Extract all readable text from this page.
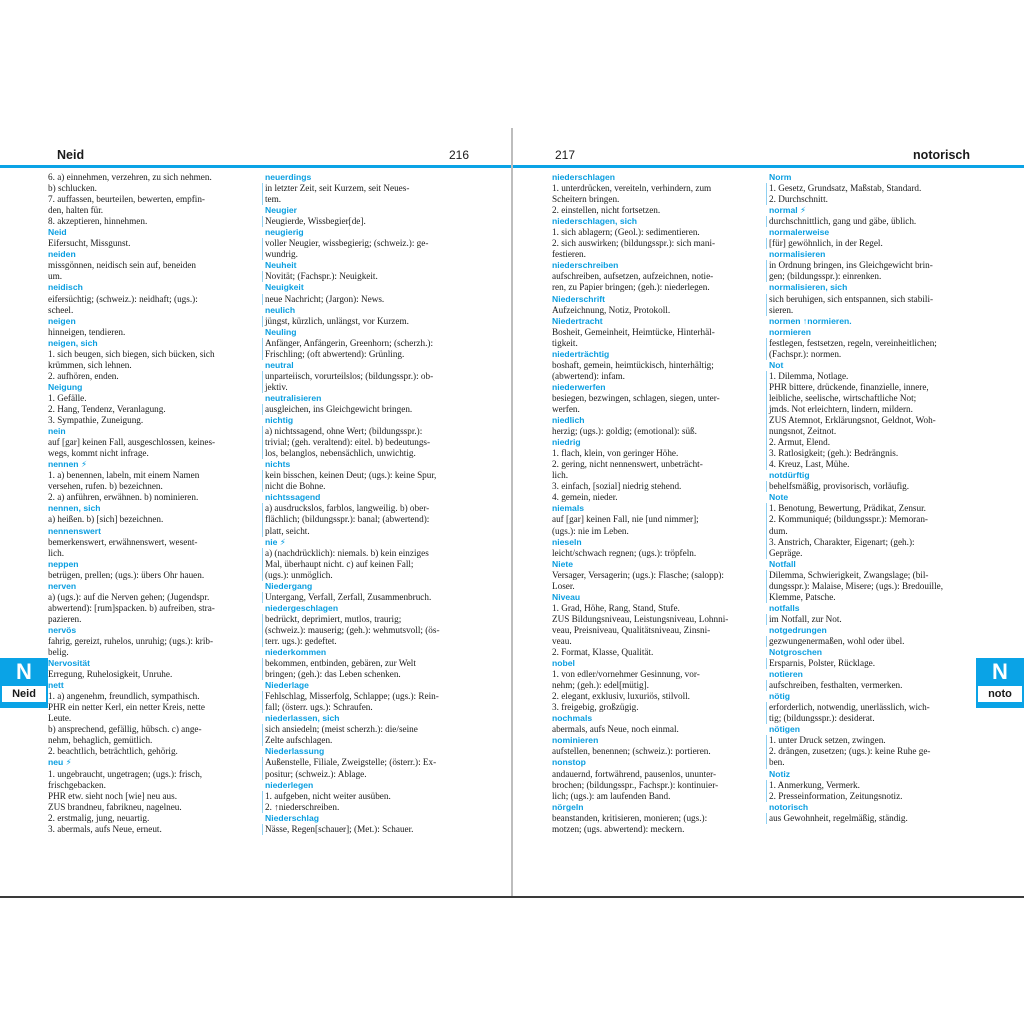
Neid	216
6. a) einnehmen, verzehren, zu sich nehmen.
b) schlucken.
7. auffassen, beurteilen, bewerten, empfin-
den, halten für.
8. akzeptieren, hinnehmen.
Neid
Eifersucht, Missgunst.
neiden
missgönnen, neidisch sein auf, beneiden
um.
neidisch
eifersüchtig; (schweiz.): neidhaft; (ugs.):
scheel.
neigen
hinneigen, tendieren.
neigen, sich
1. sich beugen, sich biegen, sich bücken, sich
krümmen, sich lehnen.
2. aufhören, enden.
Neigung
1. Gefälle.
2. Hang, Tendenz, Veranlagung.
3. Sympathie, Zuneigung.
nein
auf [gar] keinen Fall, ausgeschlossen, keines-
wegs, kommt nicht infrage.
nennen ⚡
1. a) benennen, labeln, mit einem Namen
versehen, rufen. b) bezeichnen.
2. a) anführen, erwähnen. b) nominieren.
nennen, sich
a) heißen. b) [sich] bezeichnen.
nennenswert
bemerkenswert, erwähnenswert, wesent-
lich.
neppen
betrügen, prellen; (ugs.): übers Ohr hauen.
nerven
a) (ugs.): auf die Nerven gehen; (Jugendspr.
abwertend): [rum]spacken. b) aufreiben, stra-
pazieren.
nervös
fahrig, gereizt, ruhelos, unruhig; (ugs.): krib-
belig.
Nervosität
Erregung, Ruhelosigkeit, Unruhe.
nett
1. a) angenehm, freundlich, sympathisch.
PHR ein netter Kerl, ein netter Kreis, nette
Leute.
b) ansprechend, gefällig, hübsch. c) ange-
nehm, behaglich, gemütlich.
2. beachtlich, beträchtlich, gehörig.
neu ⚡
1. ungebraucht, ungetragen; (ugs.): frisch,
frischgebacken.
PHR etw. sieht noch [wie] neu aus.
ZUS brandneu, fabrikneu, nagelneu.
2. erstmalig, jung, neuartig.
3. abermals, aufs Neue, erneut.
neuerdings
in letzter Zeit, seit Kurzem, seit Neues-
tem.
Neugier
Neugierde, Wissbegier[de].
neugierig
voller Neugier, wissbegierig; (schweiz.): ge-
wundrig.
Neuheit
Novität; (Fachspr.): Neuigkeit.
Neuigkeit
neue Nachricht; (Jargon): News.
neulich
jüngst, kürzlich, unlängst, vor Kurzem.
Neuling
Anfänger, Anfängerin, Greenhorn; (scherzh.):
Frischling; (oft abwertend): Grünling.
neutral
unparteiisch, vorurteilslos; (bildungsspr.): ob-
jektiv.
neutralisieren
ausgleichen, ins Gleichgewicht bringen.
nichtig
a) nichtssagend, ohne Wert; (bildungsspr.):
trivial; (geh. veraltend): eitel. b) bedeutungs-
los, belanglos, nebensächlich, unwichtig.
nichts
kein bisschen, keinen Deut; (ugs.): keine Spur,
nicht die Bohne.
nichtssagend
a) ausdruckslos, farblos, langweilig. b) ober-
flächlich; (bildungsspr.): banal; (abwertend):
platt, seicht.
nie ⚡
a) (nachdrücklich): niemals. b) kein einziges
Mal, überhaupt nicht. c) auf keinen Fall;
(ugs.): unmöglich.
Niedergang
Untergang, Verfall, Zerfall, Zusammenbruch.
niedergeschlagen
bedrückt, deprimiert, mutlos, traurig;
(schweiz.): mauserig; (geh.): wehmutsvoll; (ös-
terr. ugs.): gedeftet.
niederkommen
bekommen, entbinden, gebären, zur Welt
bringen; (geh.): das Leben schenken.
Niederlage
Fehlschlag, Misserfolg, Schlappe; (ugs.): Rein-
fall; (österr. ugs.): Schraufen.
niederlassen, sich
sich ansiedeln; (meist scherzh.): die/seine
Zelte aufschlagen.
Niederlassung
Außenstelle, Filiale, Zweigstelle; (österr.): Ex-
positur; (schweiz.): Ablage.
niederlegen
1. aufgeben, nicht weiter ausüben.
2. ↑niederschreiben.
Niederschlag
Nässe, Regen[schauer]; (Met.): Schauer.
N
Neid
217	notorisch
niederschlagen
1. unterdrücken, vereiteln, verhindern, zum
Scheitern bringen.
2. einstellen, nicht fortsetzen.
niederschlagen, sich
1. sich ablagern; (Geol.): sedimentieren.
2. sich auswirken; (bildungsspr.): sich mani-
festieren.
niederschreiben
aufschreiben, aufsetzen, aufzeichnen, notie-
ren, zu Papier bringen; (geh.): niederlegen.
Niederschrift
Aufzeichnung, Notiz, Protokoll.
Niedertracht
Bosheit, Gemeinheit, Heimtücke, Hinterhäl-
tigkeit.
niederträchtig
boshaft, gemein, heimtückisch, hinterhältig;
(abwertend): infam.
niederwerfen
besiegen, bezwingen, schlagen, siegen, unter-
werfen.
niedlich
herzig; (ugs.): goldig; (emotional): süß.
niedrig
1. flach, klein, von geringer Höhe.
2. gering, nicht nennenswert, unbeträcht-
lich.
3. einfach, [sozial] niedrig stehend.
4. gemein, nieder.
niemals
auf [gar] keinen Fall, nie [und nimmer];
(ugs.): nie im Leben.
nieseln
leicht/schwach regnen; (ugs.): tröpfeln.
Niete
Versager, Versagerin; (ugs.): Flasche; (salopp):
Loser.
Niveau
1. Grad, Höhe, Rang, Stand, Stufe.
ZUS Bildungsniveau, Leistungsniveau, Lohnni-
veau, Preisniveau, Qualitätsniveau, Zinsni-
veau.
2. Format, Klasse, Qualität.
nobel
1. von edler/vornehmer Gesinnung, vor-
nehm; (geh.): edel[mütig].
2. elegant, exklusiv, luxuriös, stilvoll.
3. freigebig, großzügig.
nochmals
abermals, aufs Neue, noch einmal.
nominieren
aufstellen, benennen; (schweiz.): portieren.
nonstop
andauernd, fortwährend, pausenlos, ununter-
brochen; (bildungsspr., Fachspr.): kontinuier-
lich; (ugs.): am laufenden Band.
nörgeln
beanstanden, kritisieren, monieren; (ugs.):
motzen; (ugs. abwertend): meckern.
Norm
1. Gesetz, Grundsatz, Maßstab, Standard.
2. Durchschnitt.
normal ⚡
durchschnittlich, gang und gäbe, üblich.
normalerweise
[für] gewöhnlich, in der Regel.
normalisieren
in Ordnung bringen, ins Gleichgewicht brin-
gen; (bildungsspr.): einrenken.
normalisieren, sich
sich beruhigen, sich entspannen, sich stabili-
sieren.
normen ↑normieren.
normieren
festlegen, festsetzen, regeln, vereinheitlichen;
(Fachspr.): normen.
Not
1. Dilemma, Notlage.
PHR bittere, drückende, finanzielle, innere,
leibliche, seelische, wirtschaftliche Not;
jmds. Not erleichtern, lindern, mildern.
ZUS Atemnot, Erklärungsnot, Geldnot, Woh-
nungsnot, Zeitnot.
2. Armut, Elend.
3. Ratlosigkeit; (geh.): Bedrängnis.
4. Kreuz, Last, Mühe.
notdürftig
behelfsmäßig, provisorisch, vorläufig.
Note
1. Benotung, Bewertung, Prädikat, Zensur.
2. Kommuniqué; (bildungsspr.): Memoran-
dum.
3. Anstrich, Charakter, Eigenart; (geh.):
Gepräge.
Notfall
Dilemma, Schwierigkeit, Zwangslage; (bil-
dungsspr.): Malaise, Misere; (ugs.): Bredouille,
Klemme, Patsche.
notfalls
im Notfall, zur Not.
notgedrungen
gezwungenermaßen, wohl oder übel.
Notgroschen
Ersparnis, Polster, Rücklage.
notieren
aufschreiben, festhalten, vermerken.
nötig
erforderlich, notwendig, unerlässlich, wich-
tig; (bildungsspr.): desiderat.
nötigen
1. unter Druck setzen, zwingen.
2. drängen, zusetzen; (ugs.): keine Ruhe ge-
ben.
Notiz
1. Anmerkung, Vermerk.
2. Presseinformation, Zeitungsnotiz.
notorisch
aus Gewohnheit, regelmäßig, ständig.
N
noto
